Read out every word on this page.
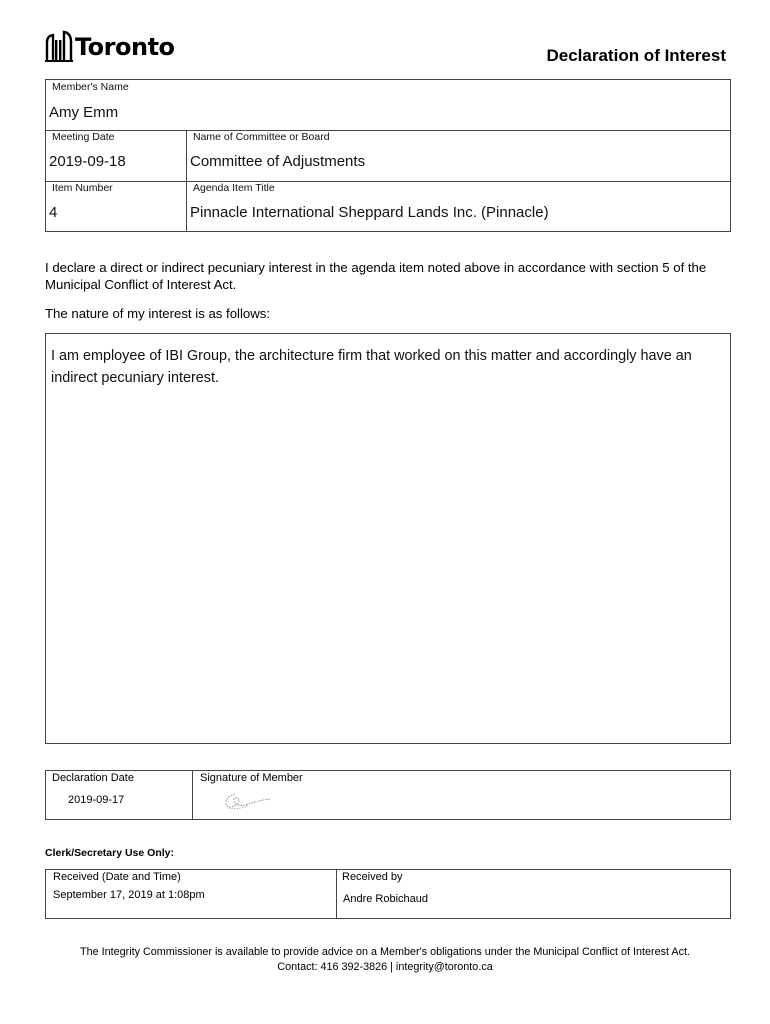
Toronto	Declaration of Interest
Member's Name
Amy Emm
Meeting Date
2019-09-18
Name of Committee or Board
Committee of Adjustments
Item Number
4
Agenda Item Title
Pinnacle International Sheppard Lands Inc. (Pinnacle)
I declare a direct or indirect pecuniary interest in the agenda item noted above in accordance with section 5 of the Municipal Conflict of Interest Act.
The nature of my interest is as follows:
I am employee of IBI Group, the architecture firm that worked on this matter and accordingly have an indirect pecuniary interest.
Declaration Date
2019-09-17
Signature of Member
Clerk/Secretary Use Only:
Received (Date and Time)
September 17, 2019 at 1:08pm
Received by
Andre Robichaud
The Integrity Commissioner is available to provide advice on a Member's obligations under the Municipal Conflict of Interest Act.
Contact: 416 392-3826 | integrity@toronto.ca
